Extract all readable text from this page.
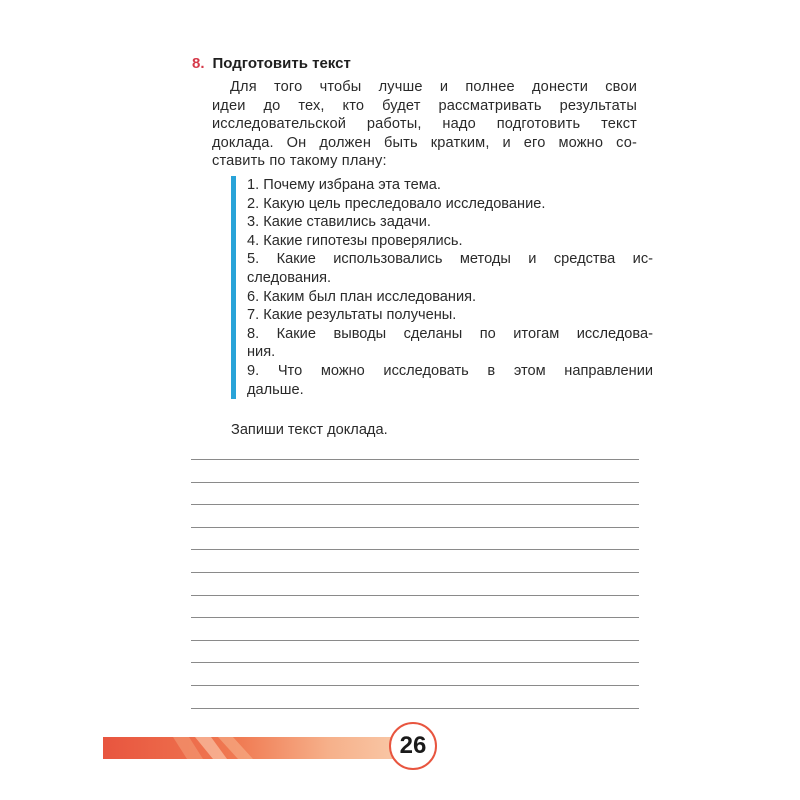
8. Подготовить текст
Для того чтобы лучше и полнее донести свои
идеи до тех, кто будет рассматривать результаты
исследовательской работы, надо подготовить текст
доклада. Он должен быть кратким, и его можно со-
ставить по такому плану:
1. Почему избрана эта тема.
2. Какую цель преследовало исследование.
3. Какие ставились задачи.
4. Какие гипотезы проверялись.
5. Какие использовались методы и средства ис-
следования.
6. Каким был план исследования.
7. Какие результаты получены.
8. Какие выводы сделаны по итогам исследова-
ния.
9. Что можно исследовать в этом направлении
дальше.
Запиши текст доклада.
26
